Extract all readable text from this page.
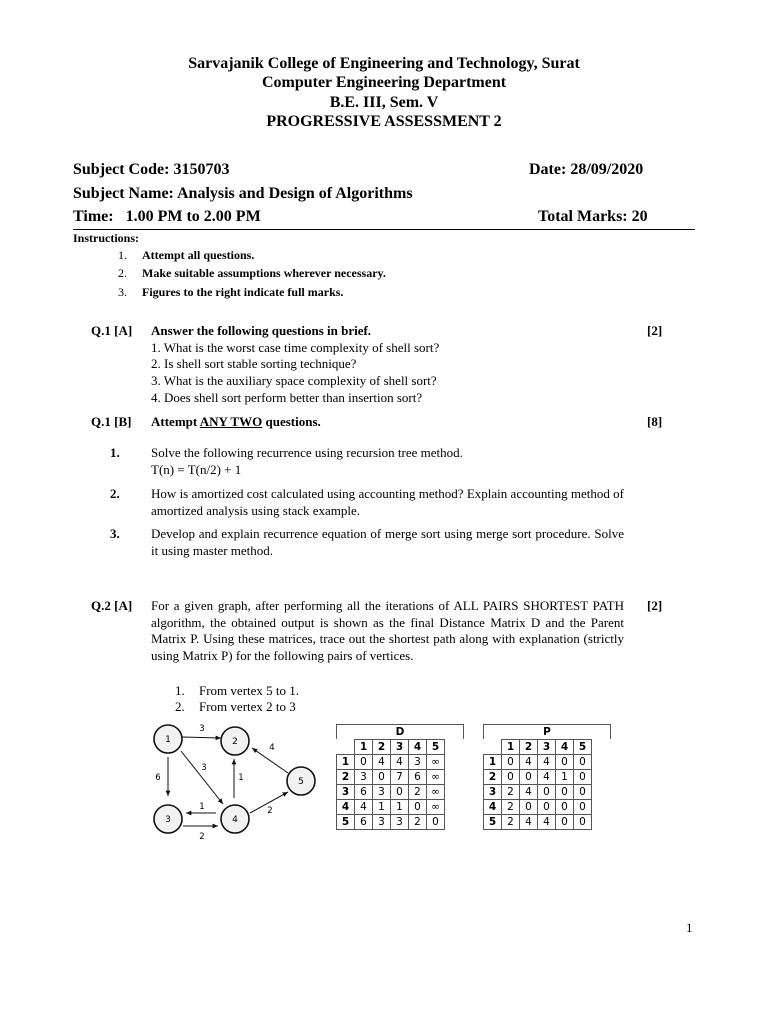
Sarvajanik College of Engineering and Technology, Surat
Computer Engineering Department
B.E. III, Sem. V
PROGRESSIVE ASSESSMENT 2
Subject Code: 3150703	Date: 28/09/2020
Subject Name: Analysis and Design of Algorithms
Time:   1.00 PM to 2.00 PM	Total Marks: 20
Instructions:
1. Attempt all questions.
2. Make suitable assumptions wherever necessary.
3. Figures to the right indicate full marks.
Q.1 [A] Answer the following questions in brief.	[2]
1. What is the worst case time complexity of shell sort?
2. Is shell sort stable sorting technique?
3. What is the auxiliary space complexity of shell sort?
4. Does shell sort perform better than insertion sort?
Q.1 [B] Attempt ANY TWO questions.	[8]
1. Solve the following recurrence using recursion tree method.
T(n) = T(n/2) + 1
2. How is amortized cost calculated using accounting method? Explain accounting method of amortized analysis using stack example.
3. Develop and explain recurrence equation of merge sort using merge sort procedure. Solve it using master method.
Q.2 [A] For a given graph, after performing all the iterations of ALL PAIRS SHORTEST PATH algorithm, the obtained output is shown as the final Distance Matrix D and the Parent Matrix P. Using these matrices, trace out the shortest path along with explanation (strictly using Matrix P) for the following pairs of vertices.
[2]
1. From vertex 5 to 1.
2. From vertex 2 to 3
1	2
3	4
5
3
6
3
1
4
1
2
2
D
	1	2	3	4	5
1	0	4	4	3	∞
2	3	0	7	6	∞
3	6	3	0	2	∞
4	4	1	1	0	∞
5	6	3	3	2	0
P
	1	2	3	4	5
1	0	4	4	0	0
2	0	0	4	1	0
3	2	4	0	0	0
4	2	0	0	0	0
5	2	4	4	0	0
1
